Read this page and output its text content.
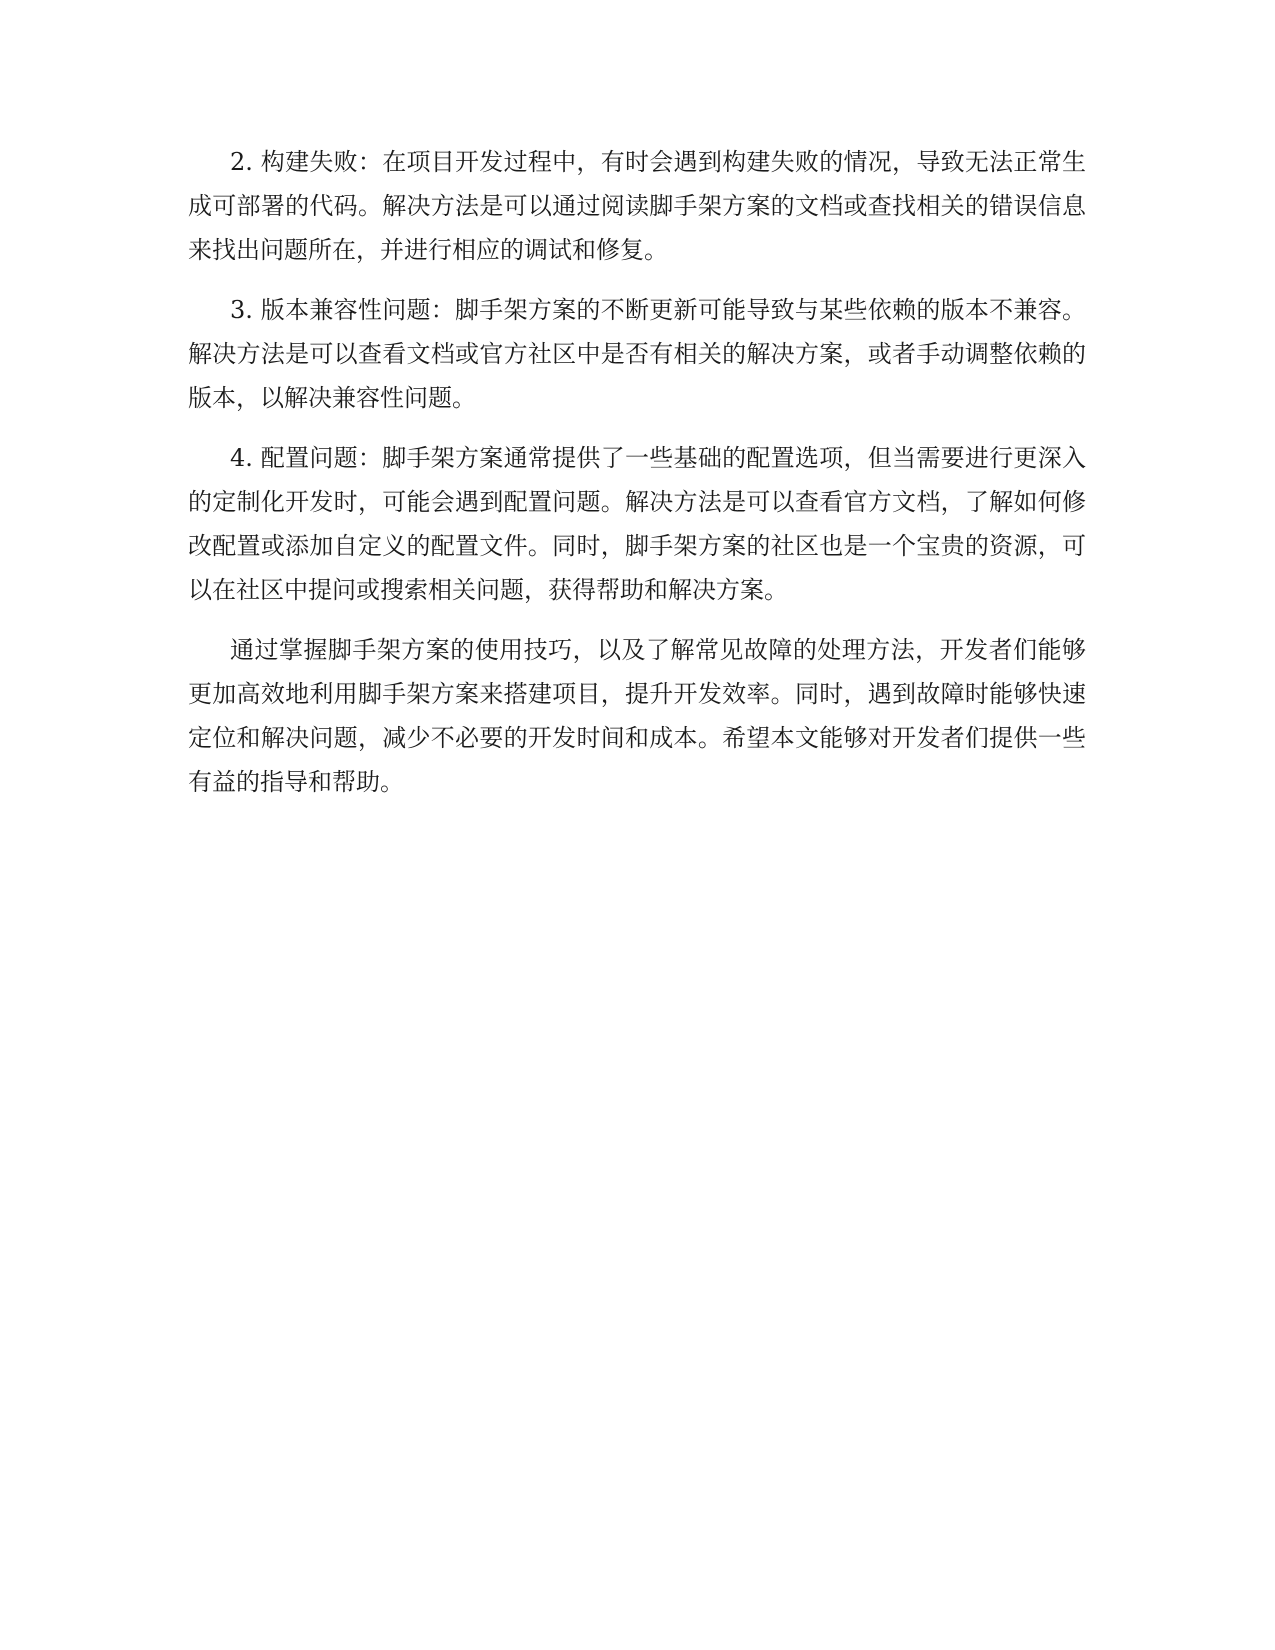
2. 构建失败：在项目开发过程中，有时会遇到构建失败的情况，导致无法正常生成可部署的代码。解决方法是可以通过阅读脚手架方案的文档或查找相关的错误信息来找出问题所在，并进行相应的调试和修复。

3. 版本兼容性问题：脚手架方案的不断更新可能导致与某些依赖的版本不兼容。解决方法是可以查看文档或官方社区中是否有相关的解决方案，或者手动调整依赖的版本，以解决兼容性问题。

4. 配置问题：脚手架方案通常提供了一些基础的配置选项，但当需要进行更深入的定制化开发时，可能会遇到配置问题。解决方法是可以查看官方文档，了解如何修改配置或添加自定义的配置文件。同时，脚手架方案的社区也是一个宝贵的资源，可以在社区中提问或搜索相关问题，获得帮助和解决方案。

通过掌握脚手架方案的使用技巧，以及了解常见故障的处理方法，开发者们能够更加高效地利用脚手架方案来搭建项目，提升开发效率。同时，遇到故障时能够快速定位和解决问题，减少不必要的开发时间和成本。希望本文能够对开发者们提供一些有益的指导和帮助。
